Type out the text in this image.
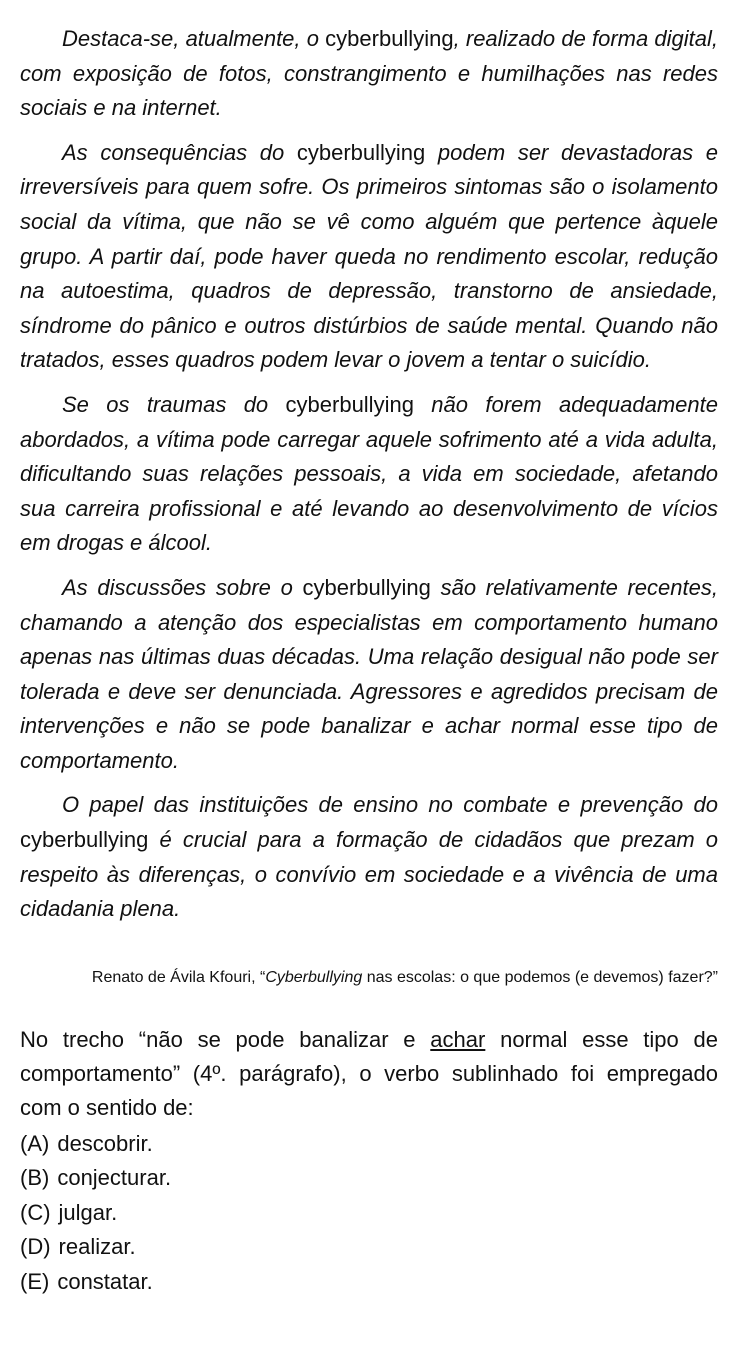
Destaca-se, atualmente, o cyberbullying, realizado de forma digital, com exposição de fotos, constrangimento e humilhações nas redes sociais e na internet.

As consequências do cyberbullying podem ser devastadoras e irreversíveis para quem sofre. Os primeiros sintomas são o isolamento social da vítima, que não se vê como alguém que pertence àquele grupo. A partir daí, pode haver queda no rendimento escolar, redução na autoestima, quadros de depressão, transtorno de ansiedade, síndrome do pânico e outros distúrbios de saúde mental. Quando não tratados, esses quadros podem levar o jovem a tentar o suicídio.

Se os traumas do cyberbullying não forem adequadamente abordados, a vítima pode carregar aquele sofrimento até a vida adulta, dificultando suas relações pessoais, a vida em sociedade, afetando sua carreira profissional e até levando ao desenvolvimento de vícios em drogas e álcool.

As discussões sobre o cyberbullying são relativamente recentes, chamando a atenção dos especialistas em comportamento humano apenas nas últimas duas décadas. Uma relação desigual não pode ser tolerada e deve ser denunciada. Agressores e agredidos precisam de intervenções e não se pode banalizar e achar normal esse tipo de comportamento.

O papel das instituições de ensino no combate e prevenção do cyberbullying é crucial para a formação de cidadãos que prezam o respeito às diferenças, o convívio em sociedade e a vivência de uma cidadania plena.

Renato de Ávila Kfouri, “Cyberbullying nas escolas: o que podemos (e devemos) fazer?”
No trecho “não se pode banalizar e achar normal esse tipo de comportamento” (4º. parágrafo), o verbo sublinhado foi empregado com o sentido de:
(A) descobrir.
(B) conjecturar.
(C) julgar.
(D) realizar.
(E) constatar.
